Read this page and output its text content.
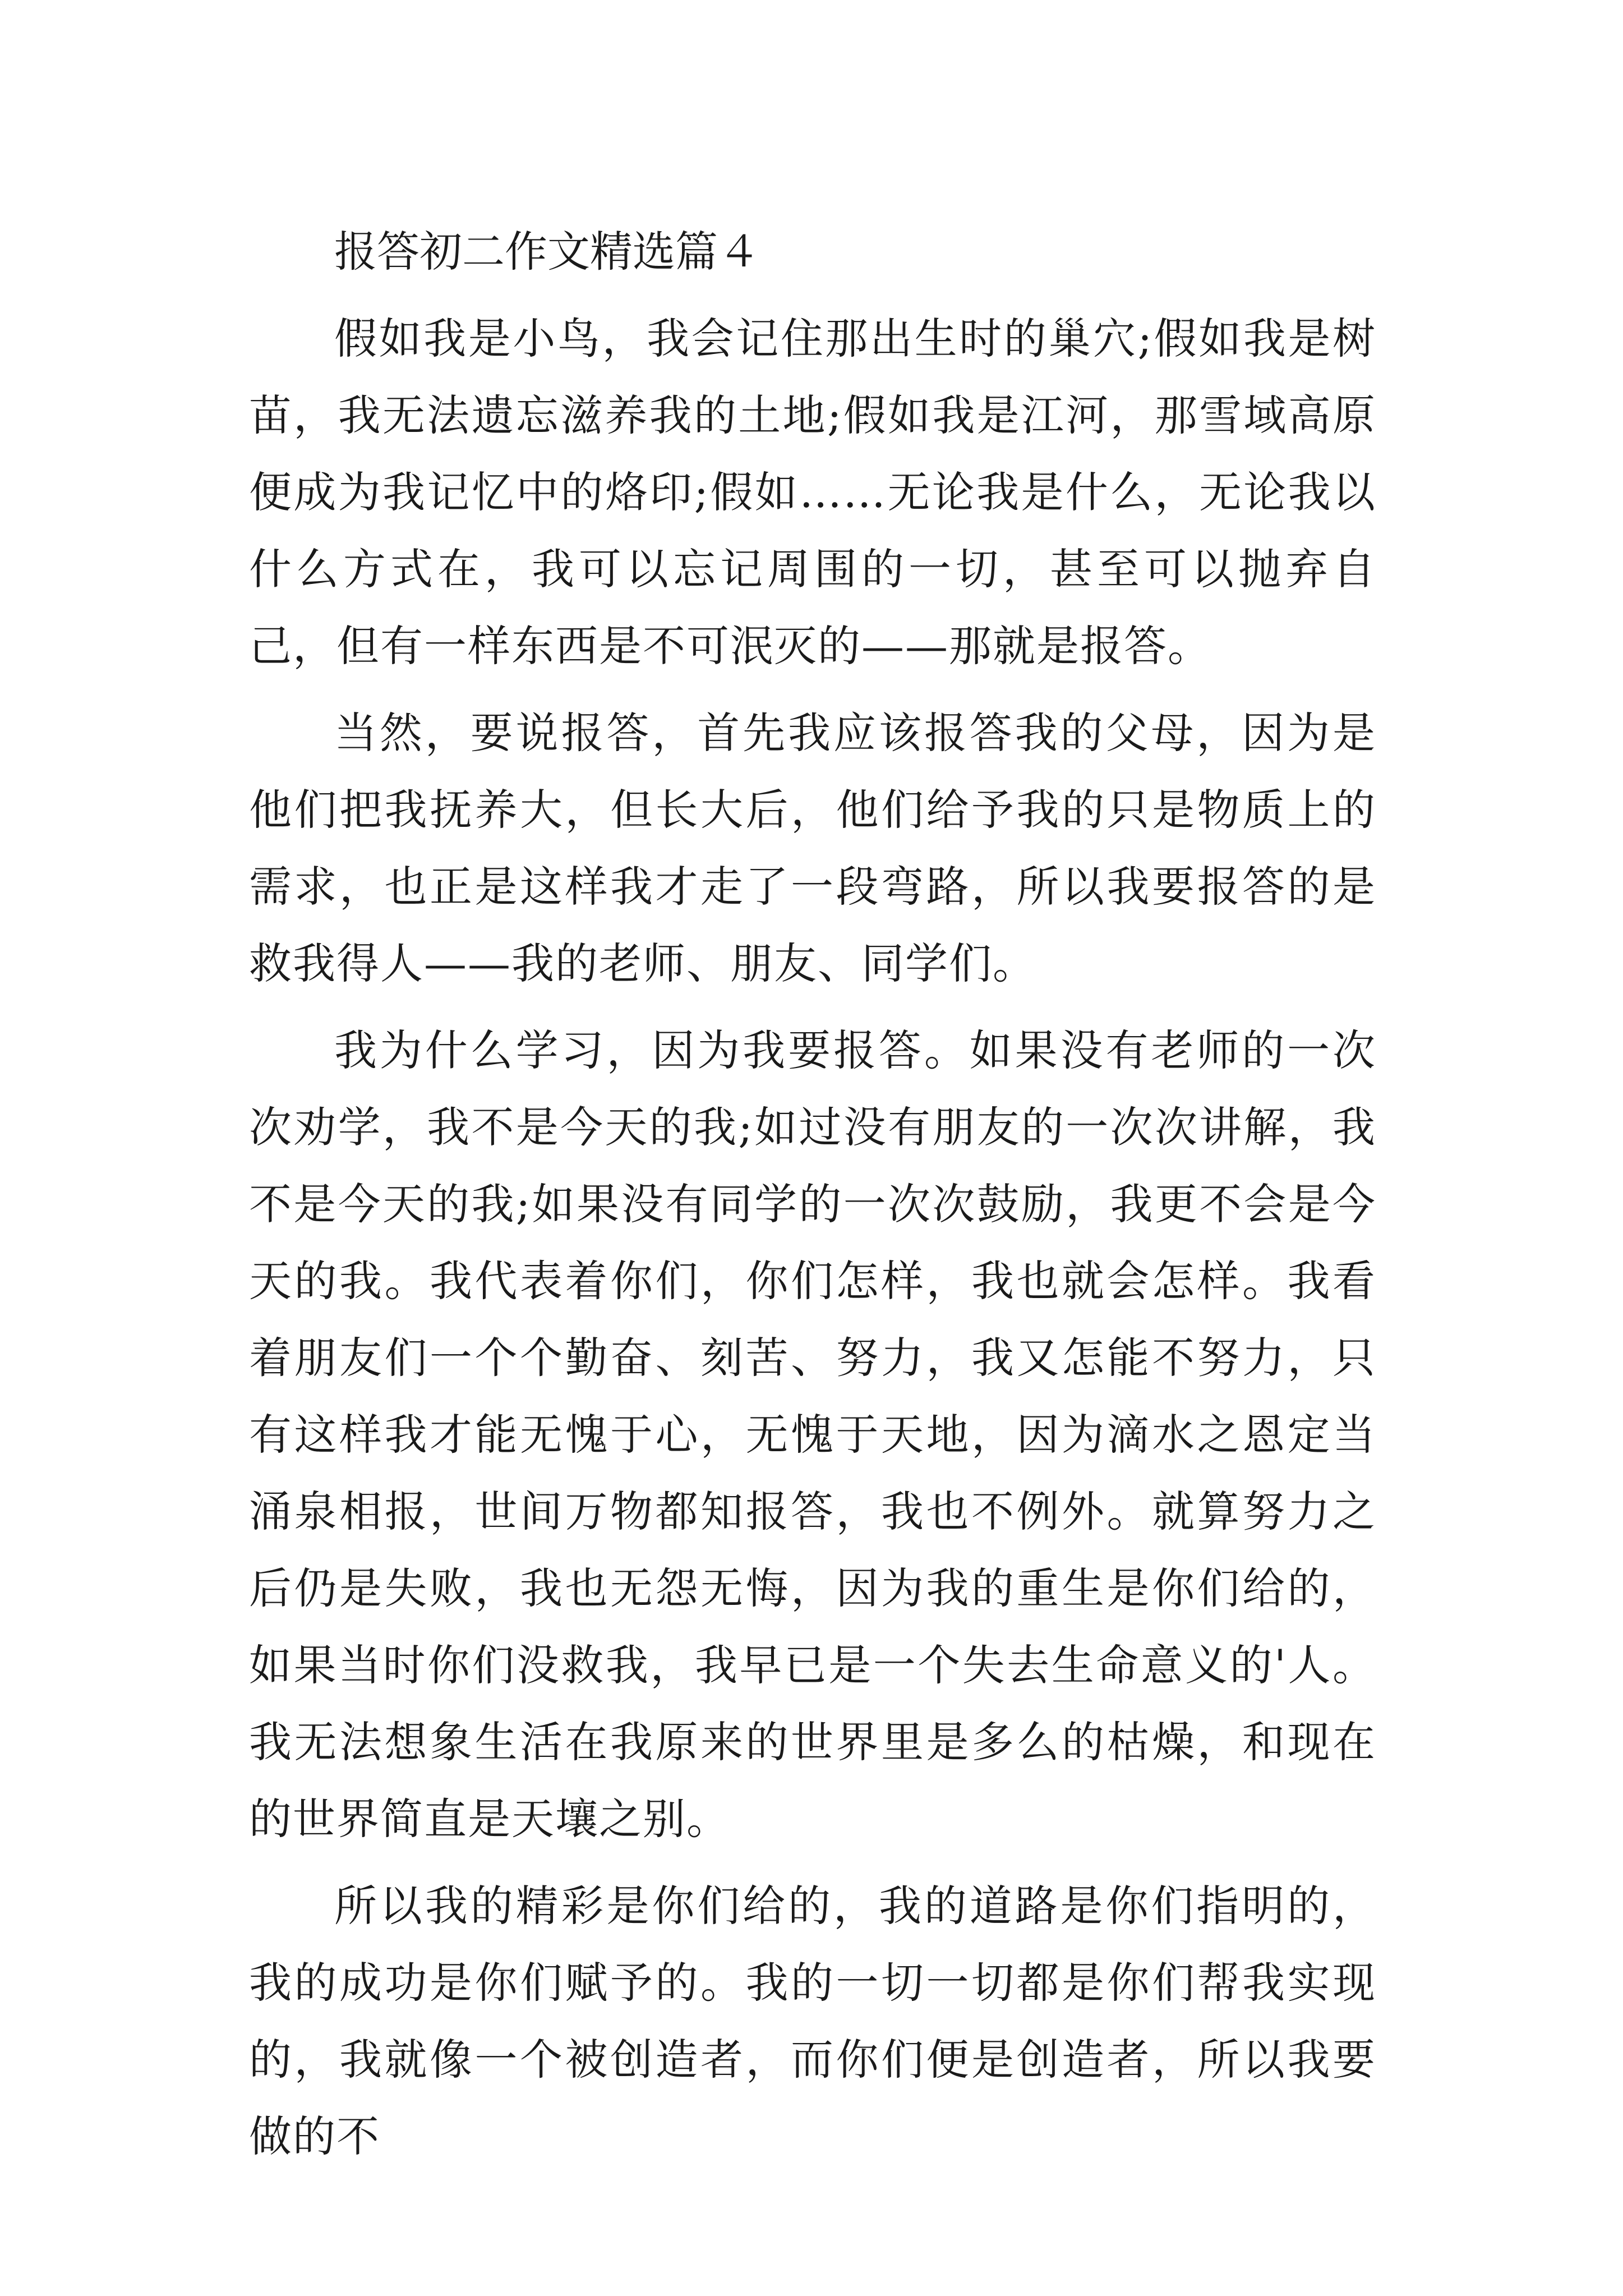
报答初二作文精选篇４

假如我是小鸟，我会记住那出生时的巢穴;假如我是树苗，我无法遗忘滋养我的土地;假如我是江河，那雪域高原便成为我记忆中的烙印;假如……无论我是什么，无论我以什么方式在，我可以忘记周围的一切，甚至可以抛弃自己，但有一样东西是不可泯灭的——那就是报答。

当然，要说报答，首先我应该报答我的父母，因为是他们把我抚养大，但长大后，他们给予我的只是物质上的需求，也正是这样我才走了一段弯路，所以我要报答的是救我得人——我的老师、朋友、同学们。

我为什么学习，因为我要报答。如果没有老师的一次次劝学，我不是今天的我;如过没有朋友的一次次讲解，我不是今天的我;如果没有同学的一次次鼓励，我更不会是今天的我。我代表着你们，你们怎样，我也就会怎样。我看着朋友们一个个勤奋、刻苦、努力，我又怎能不努力，只有这样我才能无愧于心，无愧于天地，因为滴水之恩定当涌泉相报，世间万物都知报答，我也不例外。就算努力之后仍是失败，我也无怨无悔，因为我的重生是你们给的，如果当时你们没救我，我早已是一个失去生命意义的'人。我无法想象生活在我原来的世界里是多么的枯燥，和现在的世界简直是天壤之别。

所以我的精彩是你们给的，我的道路是你们指明的，我的成功是你们赋予的。我的一切一切都是你们帮我实现的，我就像一个被创造者，而你们便是创造者，所以我要做的不
